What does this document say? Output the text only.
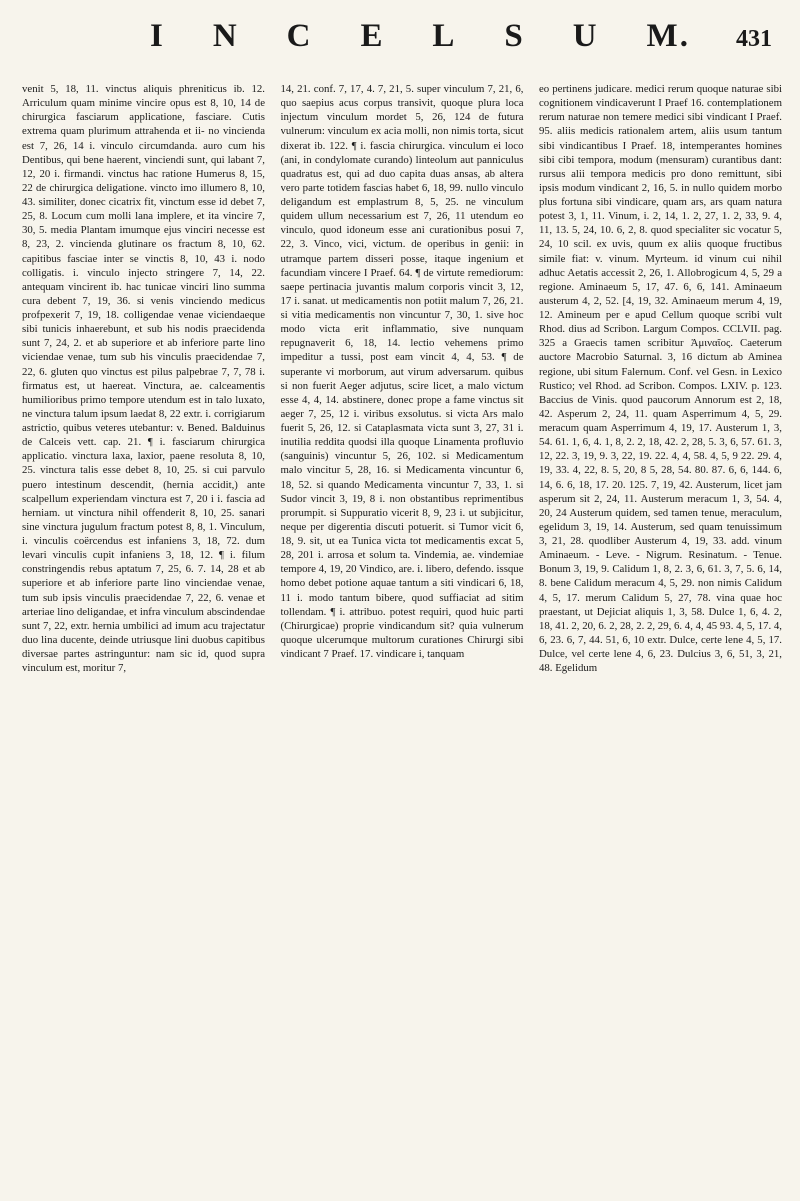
I N C E L S U M. 431

venit 5, 18, 11. vinctus aliquis phreniticus ib. 12. Arriculum quam minime vincire opus est 8, 10, 14 de chirurgica fasciarum applicatione, fasciare. Cutis extrema quam plurimum attrahenda et ii- no vincienda est 7, 26, 14 i. vinculo circumdanda. auro cum his Dentibus, qui bene haerent, vinciendi sunt, qui labant 7, 12, 20 i. firmandi. vinctus hac ratione Humerus 8, 15, 22 de chirurgica deligatione. vincto imo illumero 8, 10, 43. similiter, donec cicatrix fit, vinctum esse id debet 7, 25, 8. Locum cum molli lana implere, et ita vincire 7, 30, 5. media Plantam imumque ejus vinciri necesse est 8, 23, 2. vincienda glutinare os fractum 8, 10, 62. capitibus fasciae inter se vinctis 8, 10, 43 i. nodo colligatis. i. vinculo injecto stringere 7, 14, 22. antequam vincirent ib. hac tunicae vinciri lino summa cura debent 7, 19, 36. si venis vinciendo medicus profpexerit 7, 19, 18. colligendae venae viciendaeque sibi tunicis inhaerebunt, et sub his nodis praecidenda sunt 7, 24, 2. et ab superiore et ab inferiore parte lino viciendae venae, tum sub his vinculis praecidendae 7, 22, 6. gluten quo vinctus est pilus palpebrae 7, 7, 78 i. firmatus est, ut haereat. Vinctura, ae. calceamentis humilioribus primo tempore utendum est in talo luxato, ne vinctura talum ipsum laedat 8, 22 extr. i. corrigiarum astrictio, quibus veteres utebantur: v. Bened. Balduinus de Calceis vett. cap. 21. ¶ i. fasciarum chirurgica applicatio. vinctura laxa, laxior, paene resoluta 8, 10, 25. vinctura talis esse debet 8, 10, 25. si cui parvulo puero intestinum descendit, (hernia accidit,) ante scalpellum experiendam vinctura est 7, 20 i i. fascia ad herniam. ut vinctura nihil offenderit 8, 10, 25. sanari sine vinctura jugulum fractum potest 8, 8, 1. Vinculum, i. vinculis coërcendus est infaniens 3, 18, 72. dum levari vinculis cupit infaniens 3, 18, 12. ¶ i. filum constringendis rebus aptatum 7, 25, 6. 7. 14, 28 et ab superiore et ab inferiore parte lino vinciendae venae, tum sub ipsis vinculis praecidendae 7, 22, 6. venae et arteriae lino deligandae, et infra vinculum abscindendae sunt 7, 22, extr. hernia umbilici ad imum acu trajectatur duo lina ducente, deinde utriusque lini duobus capitibus diversae partes astringuntur: nam sic id, quod supra vinculum est, moritur 7,

14, 21. conf. 7, 17, 4. 7, 21, 5. super vinculum 7, 21, 6, quo saepius acus corpus transivit, quoque plura loca injectum vinculum mordet 5, 26, 124 de futura vulnerum: vinculum ex acia molli, non nimis torta, sicut dixerat ib. 122. ¶ i. fascia chirurgica. vinculum ei loco (ani, in condylomate curando) linteolum aut panniculus quadratus est, qui ad duo capita duas ansas, ab altera vero parte totidem fascias habet 6, 18, 99. nullo vinculo deligandum est emplastrum 8, 5, 25. ne vinculum quidem ullum necessarium est 7, 26, 11 utendum eo vinculo, quod idoneum esse ani curationibus posui 7, 22, 3. Vinco, vici, victum. de operibus in genii: in utramque partem disseri posse, itaque ingenium et facundiam vincere I Praef. 64. ¶ de virtute remediorum: saepe pertinacia juvantis malum corporis vincit 3, 12, 17 i. sanat. ut medicamentis non potiit malum 7, 26, 21. si vitia medicamentis non vincuntur 7, 30, 1. sive hoc modo victa erit inflammatio, sive nunquam repugnaverit 6, 18, 14. lectio vehemens primo impeditur a tussi, post eam vincit 4, 4, 53. ¶ de superante vi morborum, aut virum adversarum. quibus si non fuerit Aeger adjutus, scire licet, a malo victum esse 4, 4, 14. abstinere, donec prope a fame vinctus sit aeger 7, 25, 12 i. viribus exsolutus. si victa Ars malo fuerit 5, 26, 12. si Cataplasmata victa sunt 3, 27, 31 i. inutilia reddita quodsi illa quoque Linamenta profluvio (sanguinis) vincuntur 5, 26, 102. si Medicamentum malo vincitur 5, 28, 16. si Medicamenta vincuntur 6, 18, 52. si quando Medicamenta vincuntur 7, 33, 1. si Sudor vincit 3, 19, 8 i. non obstantibus reprimentibus prorumpit. si Suppuratio vicerit 8, 9, 23 i. ut subjicitur, neque per digerentia discuti potuerit. si Tumor vicit 6, 18, 9. sit, ut ea Tunica victa tot medicamentis excat 5, 28, 201 i. arrosa et solum ta. Vindemia, ae. vindemiae tempore 4, 19, 20 Vindico, are. i. libero, defendo. issque homo debet potione aquae tantum a siti vindicari 6, 18, 11 i. modo tantum bibere, quod suffiaciat ad sitim tollendam. ¶ i. attribuo. potest requiri, quod huic parti (Chirurgicae) proprie vindicandum sit? quia vulnerum quoque ulcerumque multorum curationes Chirurgi sibi vindicant 7 Praef. 17. vindicare i, tanquam

eo pertinens judicare. medici rerum quoque naturae sibi cognitionem vindicaverunt I Praef 16. contemplationem rerum naturae non temere medici sibi vindicant I Praef. 95. aliis medicis rationalem artem, aliis usum tantum sibi vindicantibus I Praef. 18, intemperantes homines sibi cibi tempora, modum (mensuram) curantibus dant: rursus alii tempora medicis pro dono remittunt, sibi ipsis modum vindicant 2, 16, 5. in nullo quidem morbo plus fortuna sibi vindicare, quam ars, ars quam natura potest 3, 1, 11. Vinum, i. 2, 14, 1. 2, 27, 1. 2, 33, 9. 4, 11, 13. 5, 24, 10. 6, 2, 8. quod specialiter sic vocatur 5, 24, 10 scil. ex uvis, quum ex aliis quoque fructibus simile fiat: v. vinum. Myrteum. id vinum cui nihil adhuc Aetatis accessit 2, 26, 1. Allobrogicum 4, 5, 29 a regione. Aminaeum 5, 17, 47. 6, 6, 141. Aminaeum austerum 4, 2, 52. [4, 19, 32. Aminaeum merum 4, 19, 12. Amineum per e apud Cellum quoque scribi vult Rhod. dius ad Scribon. Largum Compos. CCLVII. pag. 325 a Graecis tamen scribitur Ἀμιναῖος. Caeterum auctore Macrobio Saturnal. 3, 16 dictum ab Aminea regione, ubi situm Falernum. Conf. vel Gesn. in Lexico Rustico; vel Rhod. ad Scribon. Compos. LXIV. p. 123. Baccius de Vinis. quod paucorum Annorum est 2, 18, 42. Asperum 2, 24, 11. quam Asperrimum 4, 5, 29. meracum quam Asperrimum 4, 19, 17. Austerum 1, 3, 54. 61. 1, 6, 4. 1, 8, 2. 2, 18, 42. 2, 28, 5. 3, 6, 57. 61. 3, 12, 22. 3, 19, 9. 3, 22, 19. 22. 4, 4, 58. 4, 5, 9 22. 29. 4, 19, 33. 4, 22, 8. 5, 20, 8 5, 28, 54. 80. 87. 6, 6, 144. 6, 14, 6. 6, 18, 17. 20. 125. 7, 19, 42. Austerum, licet jam asperum sit 2, 24, 11. Austerum meracum 1, 3, 54. 4, 20, 24 Austerum quidem, sed tamen tenue, meraculum, egelidum 3, 19, 14. Austerum, sed quam tenuissimum 3, 21, 28. quodliber Austerum 4, 19, 33. add. vinum Aminaeum. - Leve. - Nigrum. Resinatum. - Tenue. Bonum 3, 19, 9. Calidum 1, 8, 2. 3, 6, 61. 3, 7, 5. 6, 14, 8. bene Calidum meracum 4, 5, 29. non nimis Calidum 4, 5, 17. merum Calidum 5, 27, 78. vina quae hoc praestant, ut Dejiciat aliquis 1, 3, 58. Dulce 1, 6, 4. 2, 18, 41. 2, 20, 6. 2, 28, 2. 2, 29, 6. 4, 4, 45 93. 4, 5, 17. 4, 6, 23. 6, 7, 44. 51, 6, 10 extr. Dulce, certe lene 4, 5, 17. Dulce, vel certe lene 4, 6, 23. Dulcius 3, 6, 51, 3, 21, 48. Egelidum
